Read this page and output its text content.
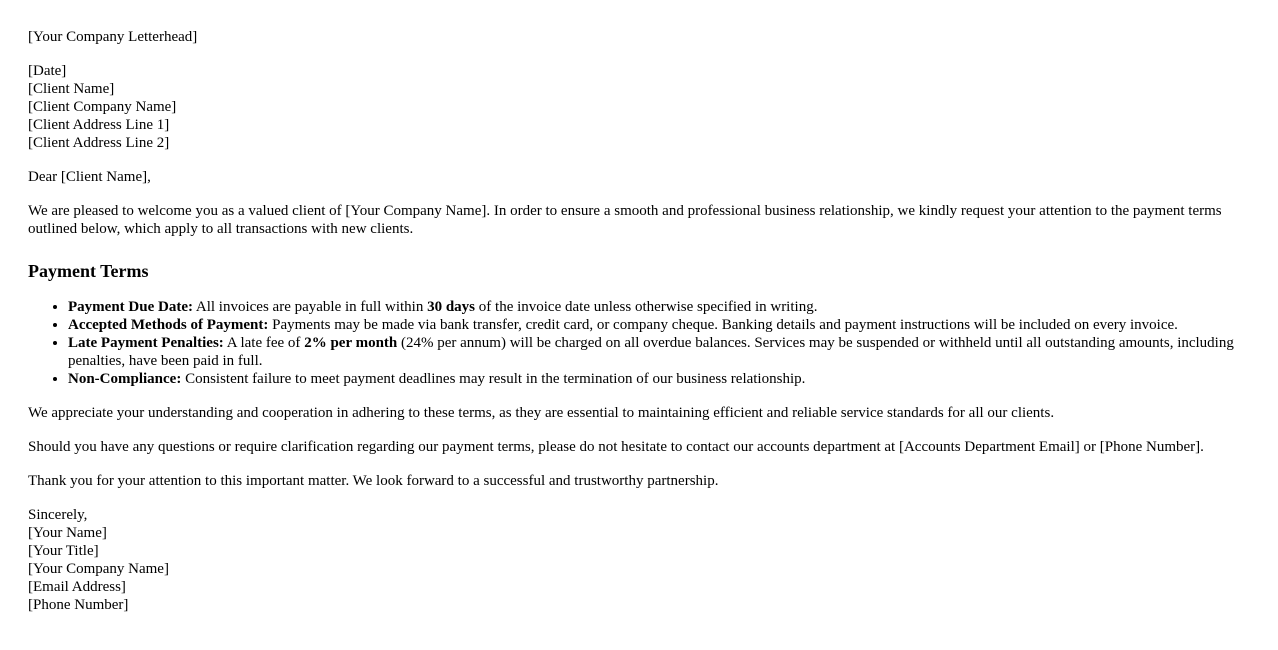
[Your Company Letterhead]

[Date]
[Client Name]
[Client Company Name]
[Client Address Line 1]
[Client Address Line 2]

Dear [Client Name],

We are pleased to welcome you as a valued client of [Your Company Name]. In order to ensure a smooth and professional business relationship, we kindly request your attention to the payment terms outlined below, which apply to all transactions with new clients.

Payment Terms
• Payment Due Date: All invoices are payable in full within 30 days of the invoice date unless otherwise specified in writing.
• Accepted Methods of Payment: Payments may be made via bank transfer, credit card, or company cheque. Banking details and payment instructions will be included on every invoice.
• Late Payment Penalties: A late fee of 2% per month (24% per annum) will be charged on all overdue balances. Services may be suspended or withheld until all outstanding amounts, including penalties, have been paid in full.
• Non-Compliance: Consistent failure to meet payment deadlines may result in the termination of our business relationship.

We appreciate your understanding and cooperation in adhering to these terms, as they are essential to maintaining efficient and reliable service standards for all our clients.

Should you have any questions or require clarification regarding our payment terms, please do not hesitate to contact our accounts department at [Accounts Department Email] or [Phone Number].

Thank you for your attention to this important matter. We look forward to a successful and trustworthy partnership.

Sincerely,
[Your Name]
[Your Title]
[Your Company Name]
[Email Address]
[Phone Number]
